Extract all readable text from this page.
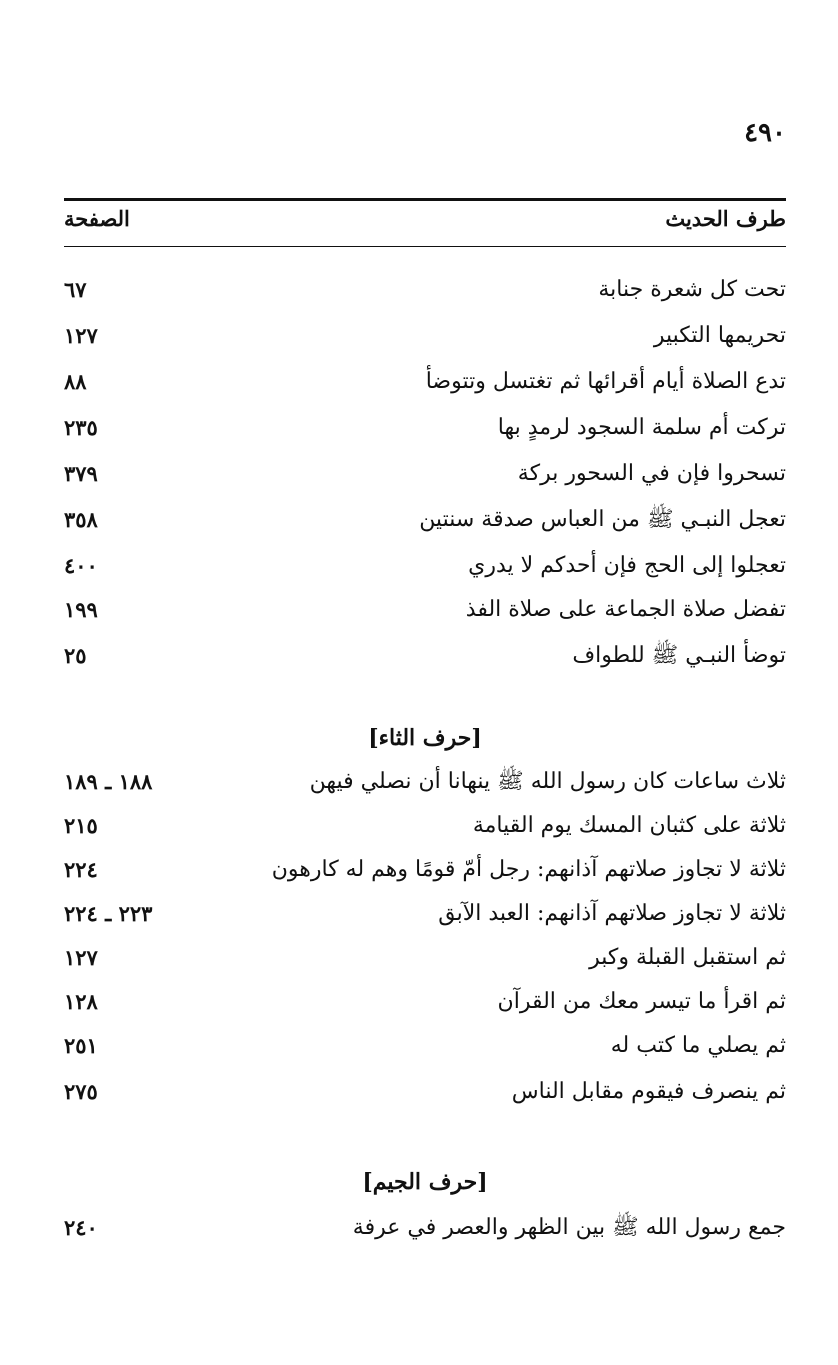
٤٩٠
طرف الحديث
الصفحة
تحت كل شعرة جنابة
٦٧
تحريمها التكبير
١٢٧
تدع الصلاة أيام أقرائها ثم تغتسل وتتوضأ
٨٨
تركت أم سلمة السجود لرمدٍ بها
٢٣٥
تسحروا فإن في السحور بركة
٣٧٩
تعجل النبـي ﷺ من العباس صدقة سنتين
٣٥٨
تعجلوا إلى الحج فإن أحدكم لا يدري
٤٠٠
تفضل صلاة الجماعة على صلاة الفذ
١٩٩
توضأ النبـي ﷺ للطواف
٢٥
[حرف الثاء]
ثلاث ساعات كان رسول الله ﷺ ينهانا أن نصلي فيهن
١٨٨ ـ ١٨٩
ثلاثة على كثبان المسك يوم القيامة
٢١٥
ثلاثة لا تجاوز صلاتهم آذانهم: رجل أمّ قومًا وهم له كارهون
٢٢٤
ثلاثة لا تجاوز صلاتهم آذانهم: العبد الآبق
٢٢٣ ـ ٢٢٤
ثم استقبل القبلة وكبر
١٢٧
ثم اقرأ ما تيسر معك من القرآن
١٢٨
ثم يصلي ما كتب له
٢٥١
ثم ينصرف فيقوم مقابل الناس
٢٧٥
[حرف الجيم]
جمع رسول الله ﷺ بين الظهر والعصر في عرفة
٢٤٠
